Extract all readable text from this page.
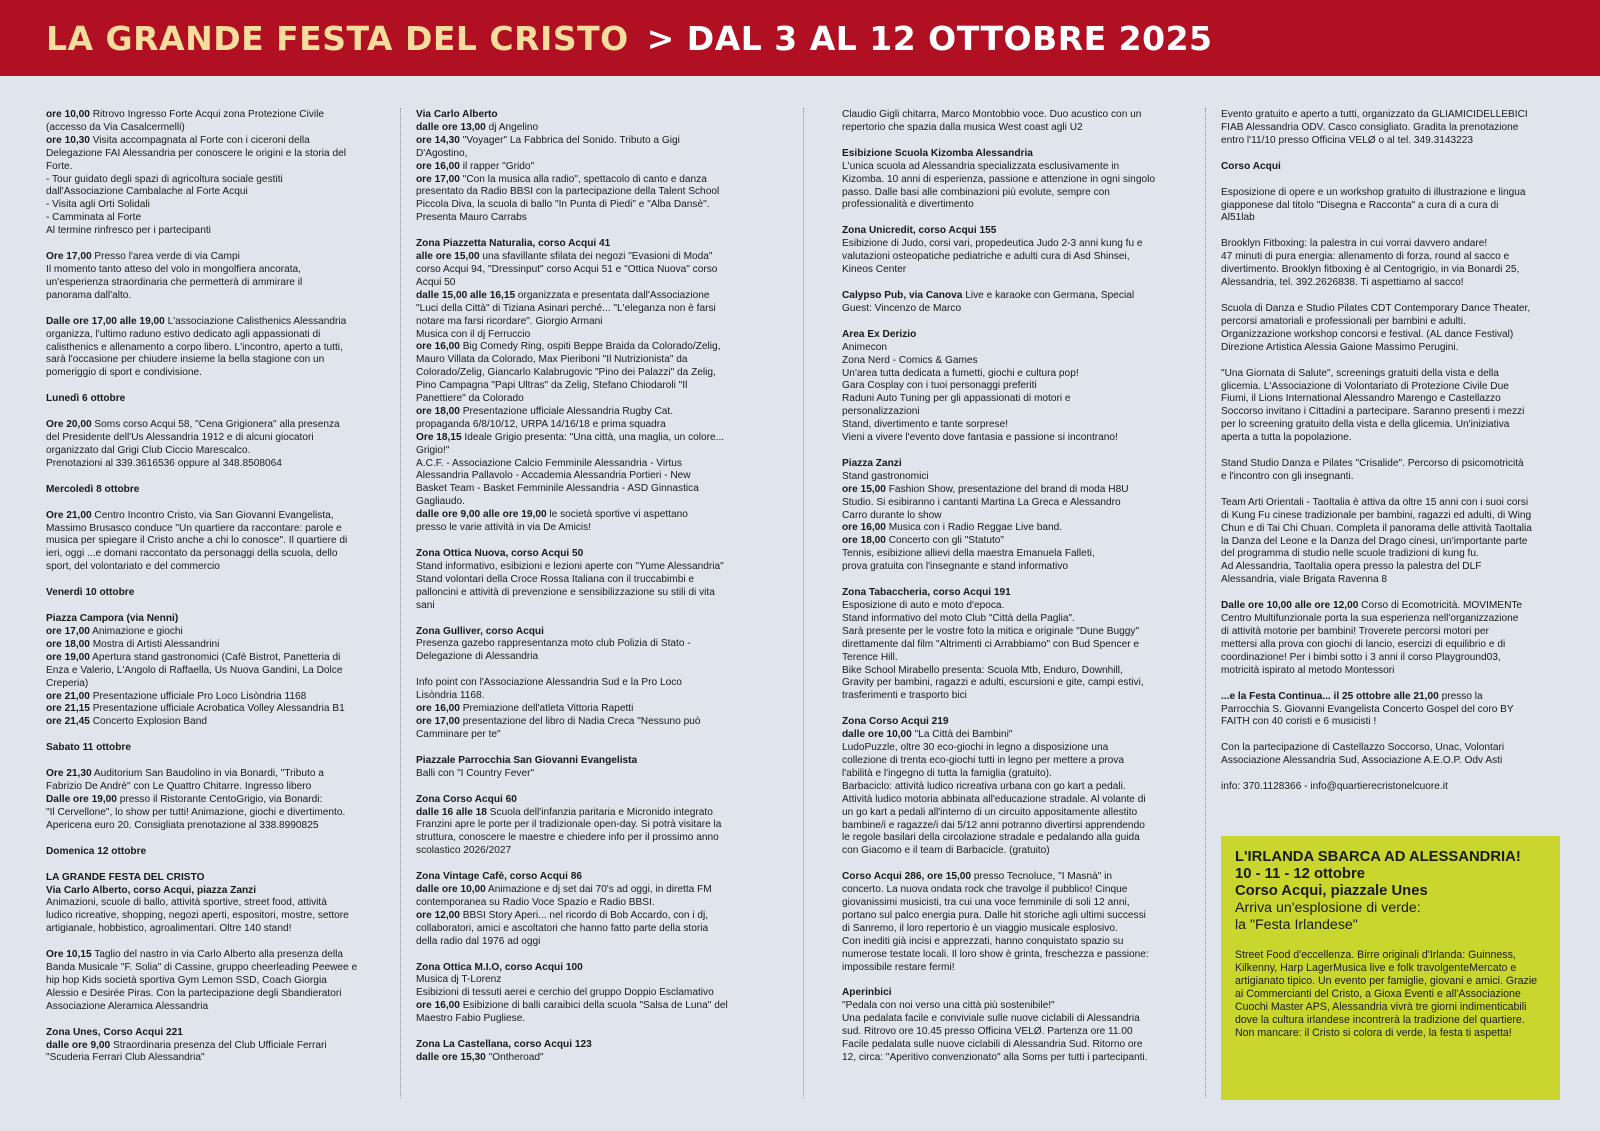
LA GRANDE FESTA DEL CRISTO > DAL 3 AL 12 OTTOBRE 2025

ore 10,00 Ritrovo Ingresso Forte Acqui zona Protezione Civile
(accesso da Via Casalcermelli)
ore 10,30 Visita accompagnata al Forte con i ciceroni della
Delegazione FAI Alessandria per conoscere le origini e la storia del
Forte.
- Tour guidato degli spazi di agricoltura sociale gestiti
dall'Associazione Cambalache al Forte Acqui
- Visita agli Orti Solidali
- Camminata al Forte
Al termine rinfresco per i partecipanti

Ore 17,00 Presso l'area verde di via Campi
Il momento tanto atteso del volo in mongolfiera ancorata,
un'esperienza straordinaria che permetterà di ammirare il
panorama dall'alto.

Dalle ore 17,00 alle 19,00 L'associazione Calisthenics Alessandria
organizza, l'ultimo raduno estivo dedicato agli appassionati di
calisthenics e allenamento a corpo libero. L'incontro, aperto a tutti,
sarà l'occasione per chiudere insieme la bella stagione con un
pomeriggio di sport e condivisione.

Lunedì 6 ottobre

Ore 20,00 Soms corso Acqui 58, "Cena Grigionera" alla presenza
del Presidente dell'Us Alessandria 1912 e di alcuni giocatori
organizzato dal Grigi Club Ciccio Marescalco.
Prenotazioni al 339.3616536 oppure al 348.8508064

Mercoledì 8 ottobre

Ore 21,00 Centro Incontro Cristo, via San Giovanni Evangelista,
Massimo Brusasco conduce "Un quartiere da raccontare: parole e
musica per spiegare il Cristo anche a chi lo conosce". Il quartiere di
ieri, oggi ...e domani raccontato da personaggi della scuola, dello
sport, del volontariato e del commercio

Venerdì 10 ottobre

Piazza Campora (via Nenni)
ore 17,00 Animazione e giochi
ore 18,00 Mostra di Artisti Alessandrini
ore 19,00 Apertura stand gastronomici (Cafè Bistrot, Panetteria di
Enza e Valerio, L'Angolo di Raffaella, Us Nuova Gandini, La Dolce
Creperia)
ore 21,00 Presentazione ufficiale Pro Loco Lisòndria 1168
ore 21,15 Presentazione ufficiale Acrobatica Volley Alessandria B1
ore 21,45 Concerto Explosion Band

Sabato 11 ottobre

Ore 21,30 Auditorium San Baudolino in via Bonardi, "Tributo a
Fabrizio De Andrè" con Le Quattro Chitarre. Ingresso libero
Dalle ore 19,00 presso il Ristorante CentoGrigio, via Bonardi:
"Il Cervellone", lo show per tutti! Animazione, giochi e divertimento.
Apericena euro 20. Consigliata prenotazione al 338.8990825

Domenica 12 ottobre

LA GRANDE FESTA DEL CRISTO
Via Carlo Alberto, corso Acqui, piazza Zanzi
Animazioni, scuole di ballo, attività sportive, street food, attività
ludico ricreative, shopping, negozi aperti, espositori, mostre, settore
artigianale, hobbistico, agroalimentari. Oltre 140 stand!

Ore 10,15 Taglio del nastro in via Carlo Alberto alla presenza della
Banda Musicale "F. Solia" di Cassine, gruppo cheerleading Peewee e
hip hop Kids società sportiva Gym Lemon SSD, Coach Giorgia
Alessio e Desirée Piras. Con la partecipazione degli Sbandieratori
Associazione Aleramica Alessandria

Zona Unes, Corso Acqui 221
dalle ore 9,00 Straordinaria presenza del Club Ufficiale Ferrari
"Scuderia Ferrari Club Alessandria"

Via Carlo Alberto
dalle ore 13,00 dj Angelino
ore 14,30 "Voyager" La Fabbrica del Sonido. Tributo a Gigi
D'Agostino,
ore 16,00 il rapper "Grido"
ore 17,00 "Con la musica alla radio", spettacolo di canto e danza
presentato da Radio BBSI con la partecipazione della Talent School
Piccola Diva, la scuola di ballo "In Punta di Piedi" e "Alba Dansè".
Presenta Mauro Carrabs

Zona Piazzetta Naturalia, corso Acqui 41
alle ore 15,00 una sfavillante sfilata dei negozi "Evasioni di Moda"
corso Acqui 94, "Dressinput" corso Acqui 51 e "Ottica Nuova" corso
Acqui 50
dalle 15,00 alle 16,15 organizzata e presentata dall'Associazione
"Luci della Città" di Tiziana Asinari perché... "L'eleganza non è farsi
notare ma farsi ricordare". Giorgio Armani
Musica con il dj Ferruccio
ore 16,00 Big Comedy Ring, ospiti Beppe Braida da Colorado/Zelig,
Mauro Villata da Colorado, Max Pieriboni "Il Nutrizionista" da
Colorado/Zelig, Giancarlo Kalabrugovic "Pino dei Palazzi" da Zelig,
Pino Campagna "Papi Ultras" da Zelig, Stefano Chiodaroli "Il
Panettiere" da Colorado
ore 18,00 Presentazione ufficiale Alessandria Rugby Cat.
propaganda 6/8/10/12, URPA 14/16/18 e prima squadra
Ore 18,15 Ideale Grigio presenta: "Una città, una maglia, un colore...
Grigio!"
A.C.F. - Associazione Calcio Femminile Alessandria - Virtus
Alessandria Pallavolo - Accademia Alessandria Portieri - New
Basket Team - Basket Femminile Alessandria - ASD Ginnastica
Gagliaudo.
dalle ore 9,00 alle ore 19,00 le società sportive vi aspettano
presso le varie attività in via De Amicis!

Zona Ottica Nuova, corso Acqui 50
Stand informativo, esibizioni e lezioni aperte con "Yume Alessandria"
Stand volontari della Croce Rossa Italiana con il truccabimbi e
palloncini e attività di prevenzione e sensibilizzazione su stili di vita
sani

Zona Gulliver, corso Acqui
Presenza gazebo rappresentanza moto club Polizia di Stato -
Delegazione di Alessandria

Info point con l'Associazione Alessandria Sud e la Pro Loco
Lisòndria 1168.
ore 16,00 Premiazione dell'atleta Vittoria Rapetti
ore 17,00 presentazione del libro di Nadia Creca "Nessuno può
Camminare per te"

Piazzale Parrocchia San Giovanni Evangelista
Balli con "I Country Fever"

Zona Corso Acqui 60
dalle 16 alle 18 Scuola dell'infanzia paritaria e Micronido integrato
Franzini apre le porte per il tradizionale open-day. Si potrà visitare la
struttura, conoscere le maestre e chiedere info per il prossimo anno
scolastico 2026/2027

Zona Vintage Cafè, corso Acqui 86
dalle ore 10,00 Animazione e dj set dai 70's ad oggi, in diretta FM
contemporanea su Radio Voce Spazio e Radio BBSI.
ore 12,00 BBSI Story Aperi... nel ricordo di Bob Accardo, con i dj,
collaboratori, amici e ascoltatori che hanno fatto parte della storia
della radio dal 1976 ad oggi

Zona Ottica M.I.O, corso Acqui 100
Musica dj T-Lorenz
Esibizioni di tessuti aerei e cerchio del gruppo Doppio Esclamativo
ore 16,00 Esibizione di balli caraibici della scuola "Salsa de Luna" del
Maestro Fabio Pugliese.

Zona La Castellana, corso Acqui 123
dalle ore 15,30 "Ontheroad"

Claudio Gigli chitarra, Marco Montobbio voce. Duo acustico con un
repertorio che spazia dalla musica West coast agli U2

Esibizione Scuola Kizomba Alessandria
L'unica scuola ad Alessandria specializzata esclusivamente in
Kizomba. 10 anni di esperienza, passione e attenzione in ogni singolo
passo. Dalle basi alle combinazioni più evolute, sempre con
professionalità e divertimento

Zona Unicredit, corso Acqui 155
Esibizione di Judo, corsi vari, propedeutica Judo 2-3 anni kung fu e
valutazioni osteopatiche pediatriche e adulti cura di Asd Shinsei,
Kineos Center

Calypso Pub, via Canova Live e karaoke con Germana, Special
Guest: Vincenzo de Marco

Area Ex Derizio
Animecon
Zona Nerd - Comics & Games
Un'area tutta dedicata a fumetti, giochi e cultura pop!
Gara Cosplay con i tuoi personaggi preferiti
Raduni Auto Tuning per gli appassionati di motori e
personalizzazioni
Stand, divertimento e tante sorprese!
Vieni a vivere l'evento dove fantasia e passione si incontrano!

Piazza Zanzi
Stand gastronomici
ore 15,00 Fashion Show, presentazione del brand di moda H8U
Studio. Si esibiranno i cantanti Martina La Greca e Alessandro
Carro durante lo show
ore 16,00 Musica con i Radio Reggae Live band.
ore 18,00 Concerto con gli "Statuto"
Tennis, esibizione allievi della maestra Emanuela Falleti,
prova gratuita con l'insegnante e stand informativo

Zona Tabaccheria, corso Acqui 191
Esposizione di auto e moto d'epoca.
Stand informativo del moto Club "Città della Paglia".
Sarà presente per le vostre foto la mitica e originale "Dune Buggy"
direttamente dal film "Altrimenti ci Arrabbiamo" con Bud Spencer e
Terence Hill.
Bike School Mirabello presenta: Scuola Mtb, Enduro, Downhill,
Gravity per bambini, ragazzi e adulti, escursioni e gite, campi estivi,
trasferimenti e trasporto bici

Zona Corso Acqui 219
dalle ore 10,00 "La Città dei Bambini"
LudoPuzzle, oltre 30 eco-giochi in legno a disposizione una
collezione di trenta eco-giochi tutti in legno per mettere a prova
l'abilità e l'ingegno di tutta la famiglia (gratuito).
Barbaciclo: attività ludico ricreativa urbana con go kart a pedali.
Attività ludico motoria abbinata all'educazione stradale. Al volante di
un go kart a pedali all'interno di un circuito appositamente allestito
bambine/i e ragazze/i dai 5/12 anni potranno divertirsi apprendendo
le regole basilari della circolazione stradale e pedalando alla guida
con Giacomo e il team di Barbacicle. (gratuito)

Corso Acqui 286, ore 15,00 presso Tecnoluce, "I Masnà" in
concerto. La nuova ondata rock che travolge il pubblico! Cinque
giovanissimi musicisti, tra cui una voce femminile di soli 12 anni,
portano sul palco energia pura. Dalle hit storiche agli ultimi successi
di Sanremo, il loro repertorio è un viaggio musicale esplosivo.
Con inediti già incisi e apprezzati, hanno conquistato spazio su
numerose testate locali. Il loro show è grinta, freschezza e passione:
impossibile restare fermi!

Aperinbici
"Pedala con noi verso una città più sostenibile!"
Una pedalata facile e conviviale sulle nuove ciclabili di Alessandria
sud. Ritrovo ore 10.45 presso Officina VELØ. Partenza ore 11.00
Facile pedalata sulle nuove ciclabili di Alessandria Sud. Ritorno ore
12, circa: "Aperitivo convenzionato" alla Soms per tutti i partecipanti.

Evento gratuito e aperto a tutti, organizzato da GLIAMICIDELLEBICI
FIAB Alessandria ODV. Casco consigliato. Gradita la prenotazione
entro l'11/10 presso Officina VELØ o al tel. 349.3143223

Corso Acqui

Esposizione di opere e un workshop gratuito di illustrazione e lingua
giapponese dal titolo "Disegna e Racconta" a cura di a cura di
Al51lab

Brooklyn Fitboxing: la palestra in cui vorrai davvero andare!
47 minuti di pura energia: allenamento di forza, round al sacco e
divertimento. Brooklyn fitboxing è al Centogrigio, in via Bonardi 25,
Alessandria, tel. 392.2626838. Ti aspettiamo al sacco!

Scuola di Danza e Studio Pilates CDT Contemporary Dance Theater,
percorsi amatoriali e professionali per bambini e adulti.
Organizzazione workshop concorsi e festival. (AL dance Festival)
Direzione Artistica Alessia Gaione Massimo Perugini.

"Una Giornata di Salute", screenings gratuiti della vista e della
glicemia. L'Associazione di Volontariato di Protezione Civile Due
Fiumi, il Lions International Alessandro Marengo e Castellazzo
Soccorso invitano i Cittadini a partecipare. Saranno presenti i mezzi
per lo screening gratuito della vista e della glicemia. Un'iniziativa
aperta a tutta la popolazione.

Stand Studio Danza e Pilates "Crisalide". Percorso di psicomotricità
e l'incontro con gli insegnanti.

Team Arti Orientali - TaoItalia è attiva da oltre 15 anni con i suoi corsi
di Kung Fu cinese tradizionale per bambini, ragazzi ed adulti, di Wing
Chun e di Tai Chi Chuan. Completa il panorama delle attività TaoItalia
la Danza del Leone e la Danza del Drago cinesi, un'importante parte
del programma di studio nelle scuole tradizioni di kung fu.
Ad Alessandria, TaoItalia opera presso la palestra del DLF
Alessandria, viale Brigata Ravenna 8

Dalle ore 10,00 alle ore 12,00 Corso di Ecomotricità. MOVIMENTe
Centro Multifunzionale porta la sua esperienza nell'organizzazione
di attività motorie per bambini! Troverete percorsi motori per
mettersi alla prova con giochi di lancio, esercizi di equilibrio e di
coordinazione! Per i bimbi sotto i 3 anni il corso Playground03,
motricità ispirato al metodo Montessori

...e la Festa Continua... il 25 ottobre alle 21,00 presso la
Parrocchia S. Giovanni Evangelista Concerto Gospel del coro BY
FAITH con 40 coristi e 6 musicisti !

Con la partecipazione di Castellazzo Soccorso, Unac, Volontari
Associazione Alessandria Sud, Associazione A.E.O.P. Odv Asti

info: 370.1128366 - info@quartierecristonelcuore.it

L'IRLANDA SBARCA AD ALESSANDRIA!
10 - 11 - 12 ottobre
Corso Acqui, piazzale Unes
Arriva un'esplosione di verde:
la "Festa Irlandese"
Street Food d'eccellenza. Birre originali d'Irlanda: Guinness, Kilkenny, Harp LagerMusica live e folk travolgenteMercato e artigianato tipico. Un evento per famiglie, giovani e amici. Grazie ai Commercianti del Cristo, a Gioxa Eventi e all'Associazione Cuochi Master APS, Alessandria vivrà tre giorni indimenticabili dove la cultura irlandese incontrerà la tradizione del quartiere. Non mancare: il Cristo si colora di verde, la festa ti aspetta!
